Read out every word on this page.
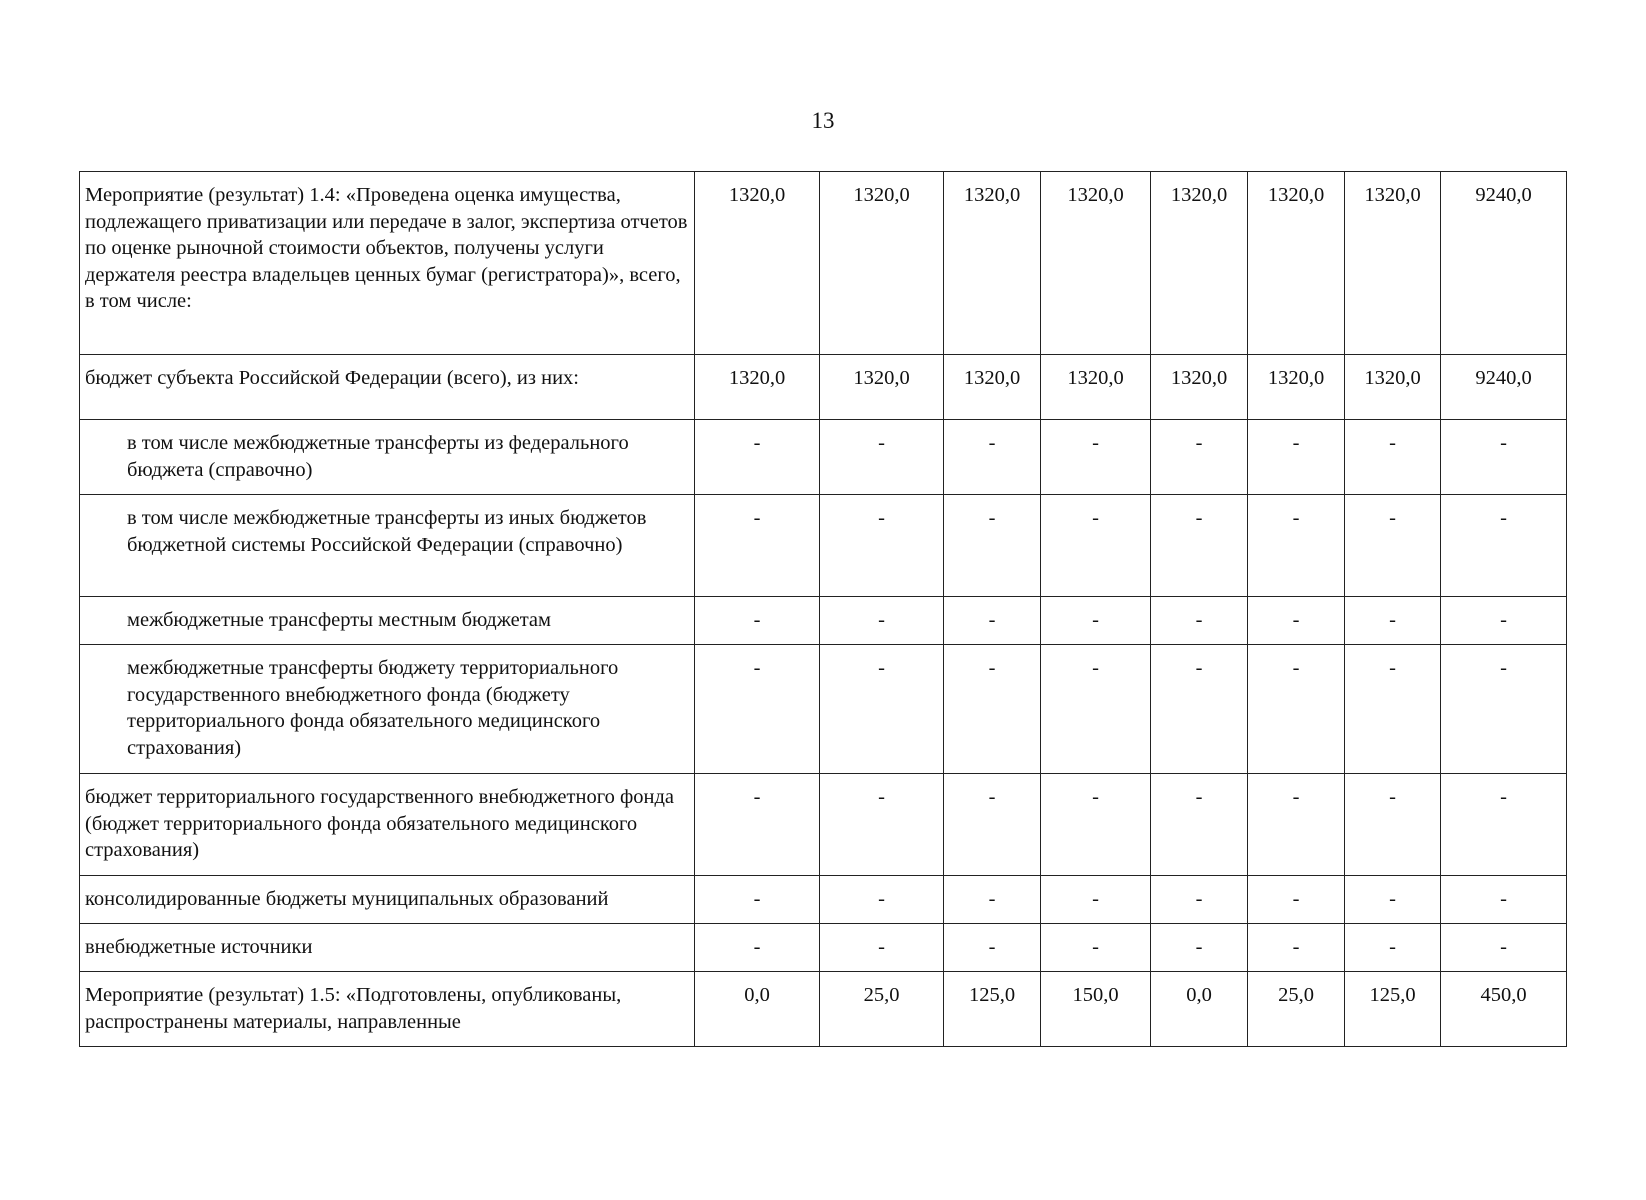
13
Мероприятие (результат) 1.4: «Проведена оценка имущества, подлежащего приватизации или передаче в залог, экспертиза отчетов по оценке рыночной стоимости объектов, получены услуги держателя реестра владельцев ценных бумаг (регистратора)», всего,
в том числе:	1320,0	1320,0	1320,0	1320,0	1320,0	1320,0	1320,0	9240,0
бюджет субъекта Российской Федерации (всего), из них:	1320,0	1320,0	1320,0	1320,0	1320,0	1320,0	1320,0	9240,0
в том числе межбюджетные трансферты из федерального бюджета (справочно)	-	-	-	-	-	-	-	-
в том числе межбюджетные трансферты из иных бюджетов бюджетной системы Российской Федерации (справочно)	-	-	-	-	-	-	-	-
межбюджетные трансферты местным бюджетам	-	-	-	-	-	-	-	-
межбюджетные трансферты бюджету территориального государственного внебюджетного фонда (бюджету территориального фонда обязательного медицинского страхования)	-	-	-	-	-	-	-	-
бюджет территориального государственного внебюджетного фонда (бюджет территориального фонда обязательного медицинского страхования)	-	-	-	-	-	-	-	-
консолидированные бюджеты муниципальных образований	-	-	-	-	-	-	-	-
внебюджетные источники	-	-	-	-	-	-	-	-
Мероприятие (результат) 1.5: «Подготовлены, опубликованы, распространены материалы, направленные	0,0	25,0	125,0	150,0	0,0	25,0	125,0	450,0
